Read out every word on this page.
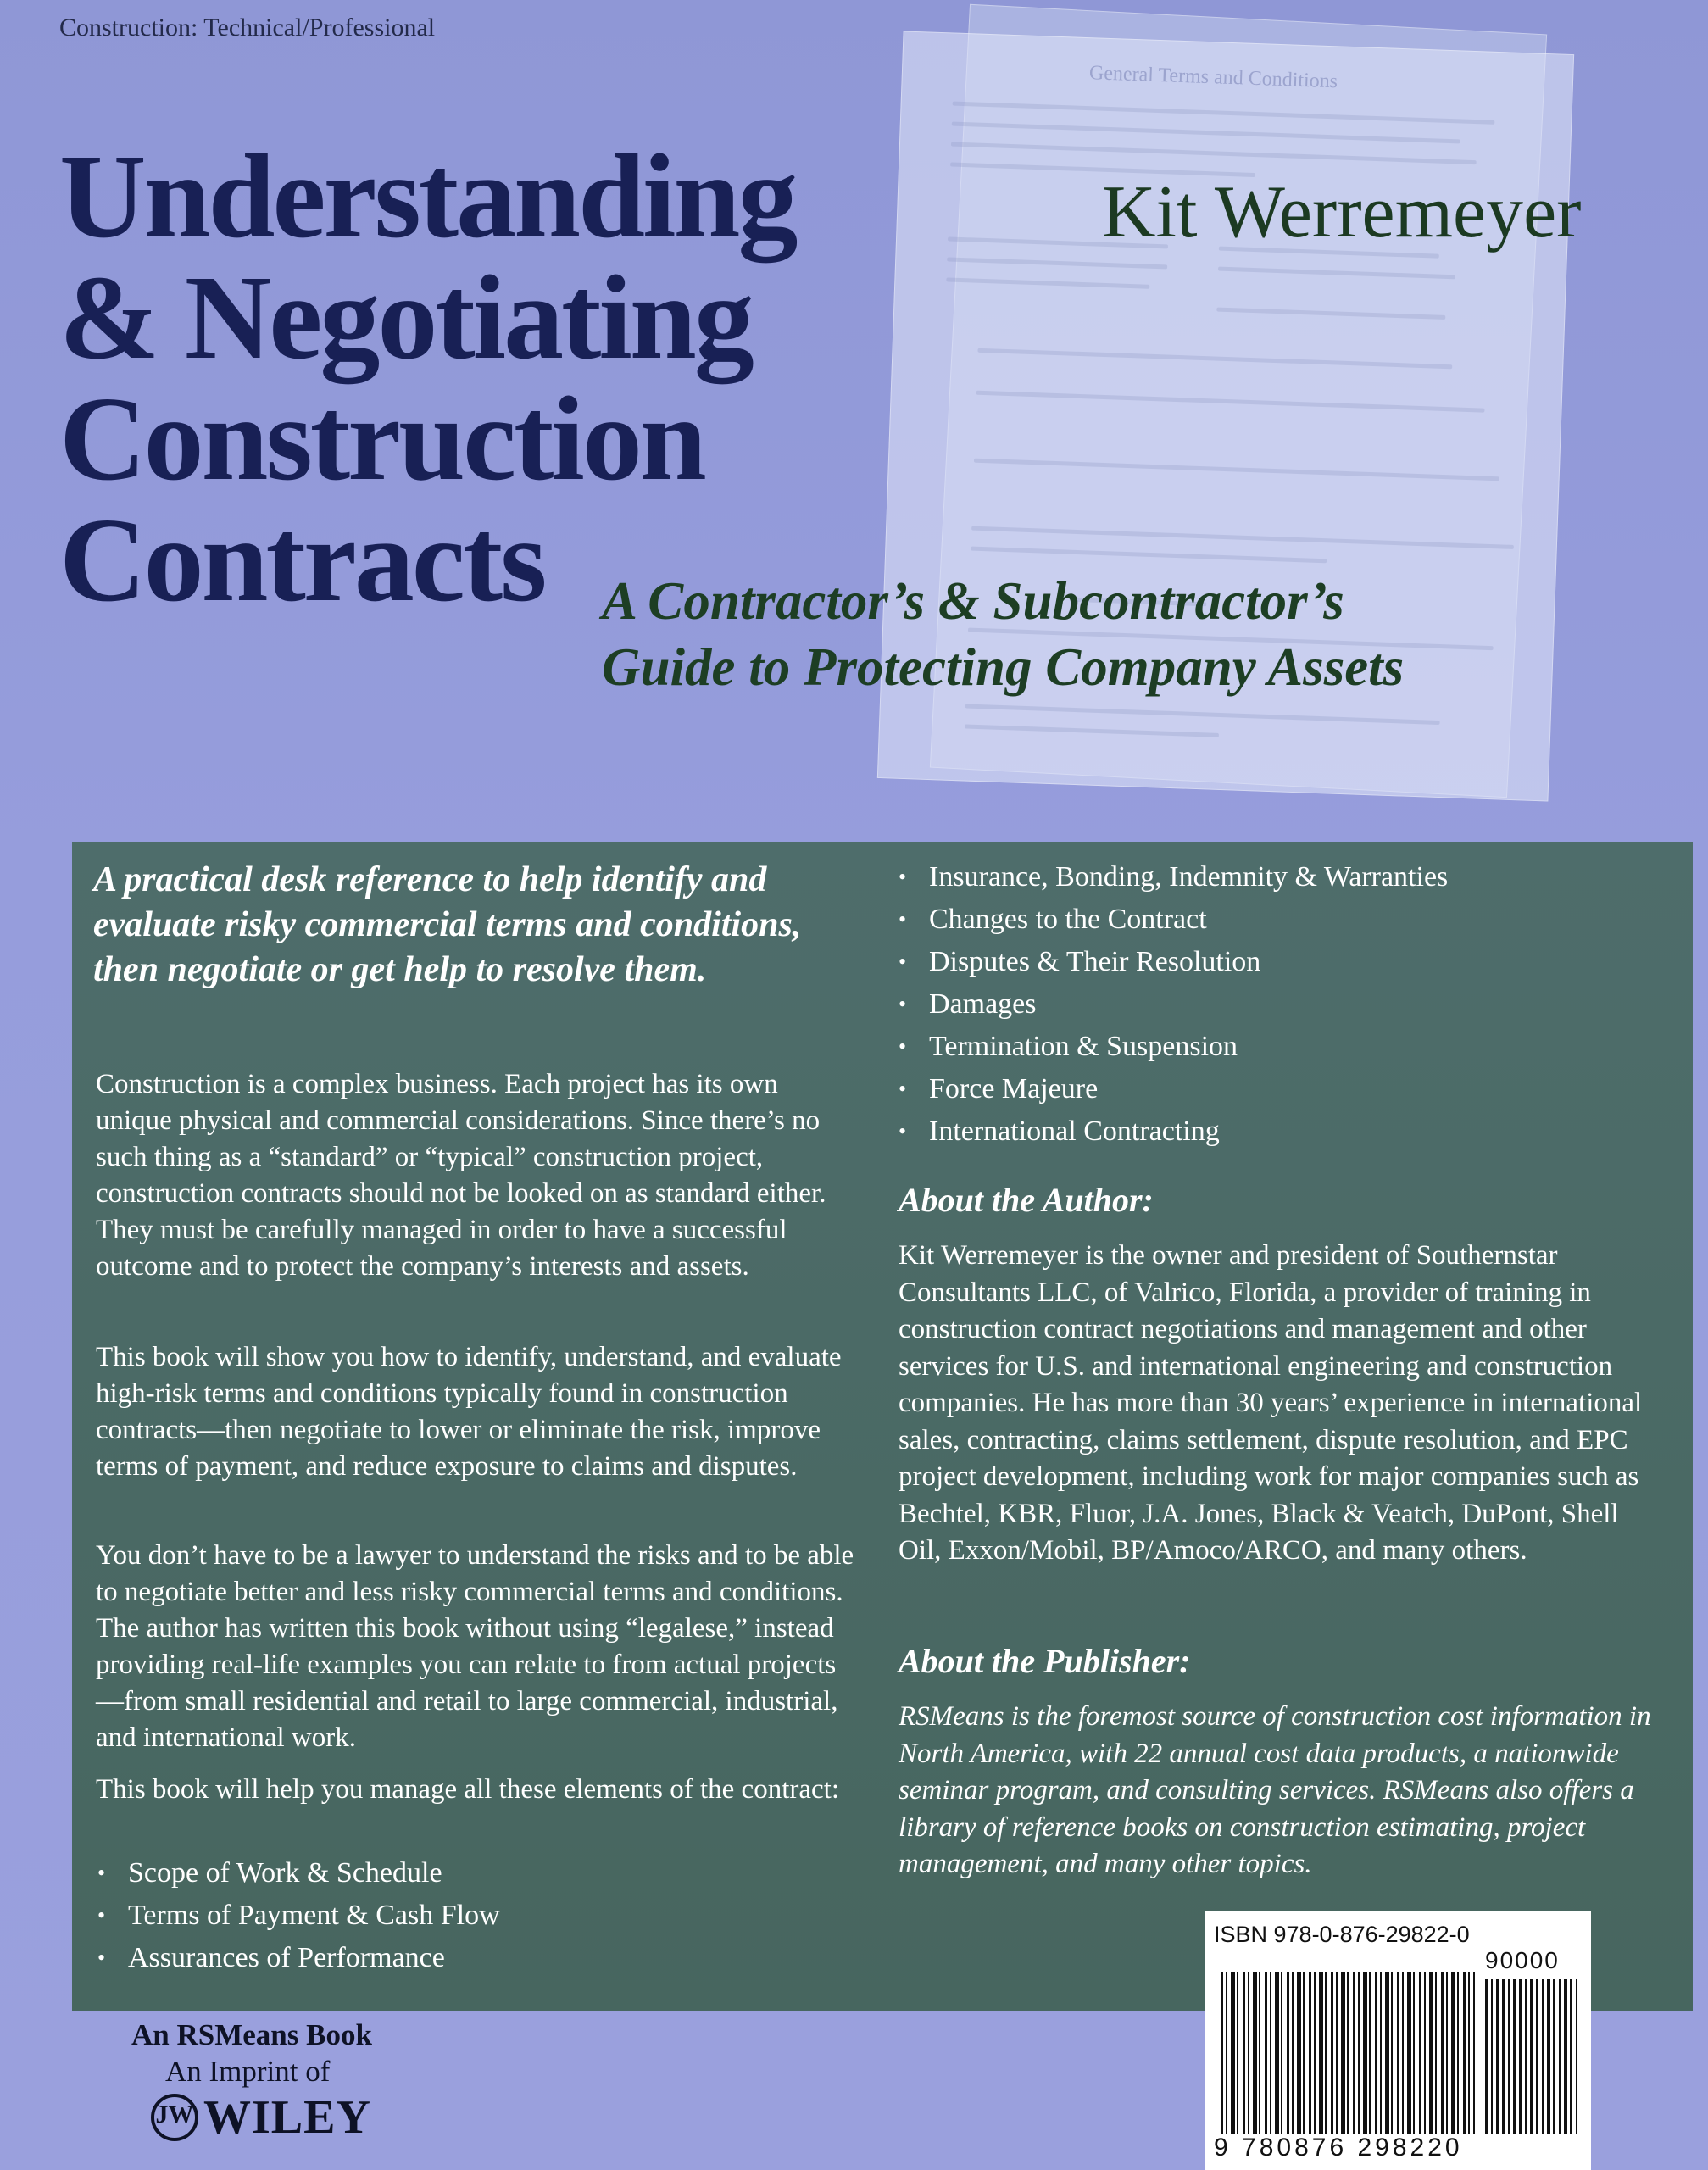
Construction: Technical/Professional
General Terms and Conditions
Understanding
& Negotiating
Construction
Contracts
Kit Werremeyer
A Contractor’s & Subcontractor’s
Guide to Protecting Company Assets
A practical desk reference to help identify and evaluate risky commercial terms and conditions, then negotiate or get help to resolve them.
Construction is a complex business. Each project has its own unique physical and commercial considerations. Since there’s no such thing as a “standard” or “typical” construction project, construction contracts should not be looked on as standard either. They must be carefully managed in order to have a successful outcome and to protect the company’s interests and assets.
This book will show you how to identify, understand, and evaluate high-risk terms and conditions typically found in construction contracts—then negotiate to lower or eliminate the risk, improve terms of payment, and reduce exposure to claims and disputes.
You don’t have to be a lawyer to understand the risks and to be able to negotiate better and less risky commercial terms and conditions. The author has written this book without using “legalese,” instead providing real-life examples you can relate to from actual projects—from small residential and retail to large commercial, industrial, and international work.
This book will help you manage all these elements of the contract:
• Scope of Work & Schedule
• Terms of Payment & Cash Flow
• Assurances of Performance
• Insurance, Bonding, Indemnity & Warranties
• Changes to the Contract
• Disputes & Their Resolution
• Damages
• Termination & Suspension
• Force Majeure
• International Contracting
About the Author:
Kit Werremeyer is the owner and president of Southernstar Consultants LLC, of Valrico, Florida, a provider of training in construction contract negotiations and management and other services for U.S. and international engineering and construction companies. He has more than 30 years’ experience in international sales, contracting, claims settlement, dispute resolution, and EPC project development, including work for major companies such as Bechtel, KBR, Fluor, J.A. Jones, Black & Veatch, DuPont, Shell Oil, Exxon/Mobil, BP/Amoco/ARCO, and many others.
About the Publisher:
RSMeans is the foremost source of construction cost information in North America, with 22 annual cost data products, a nationwide seminar program, and consulting services. RSMeans also offers a library of reference books on construction estimating, project management, and many other topics.
ISBN 978-0-876-29822-0
90000
9 780876 298220
An RSMeans Book
An Imprint of
JW WILEY
